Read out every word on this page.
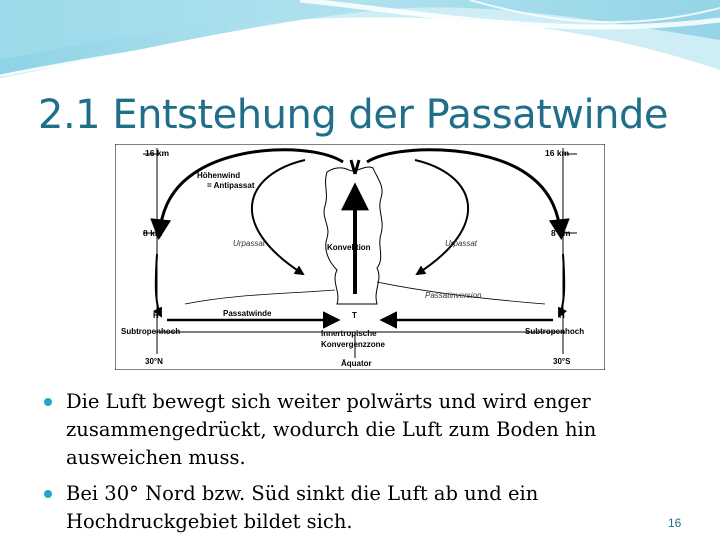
2.1 Entstehung der Passatwinde
16 km	16 km
8 km	8 km
Höhenwind
= Antipassat
Urpassat	Urpassat
Konvektion
Passatinversion
H	H
T
Passatwinde
Subtropenhoch	Subtropenhoch
Innertropische
Konvergenzzone
30°N	30°S
Äquator
Die Luft bewegt sich weiter polwärts und wird enger zusammengedrückt, wodurch die Luft zum Boden hin ausweichen muss.
Bei 30° Nord bzw. Süd sinkt die Luft ab und ein Hochdruckgebiet bildet sich.	16
